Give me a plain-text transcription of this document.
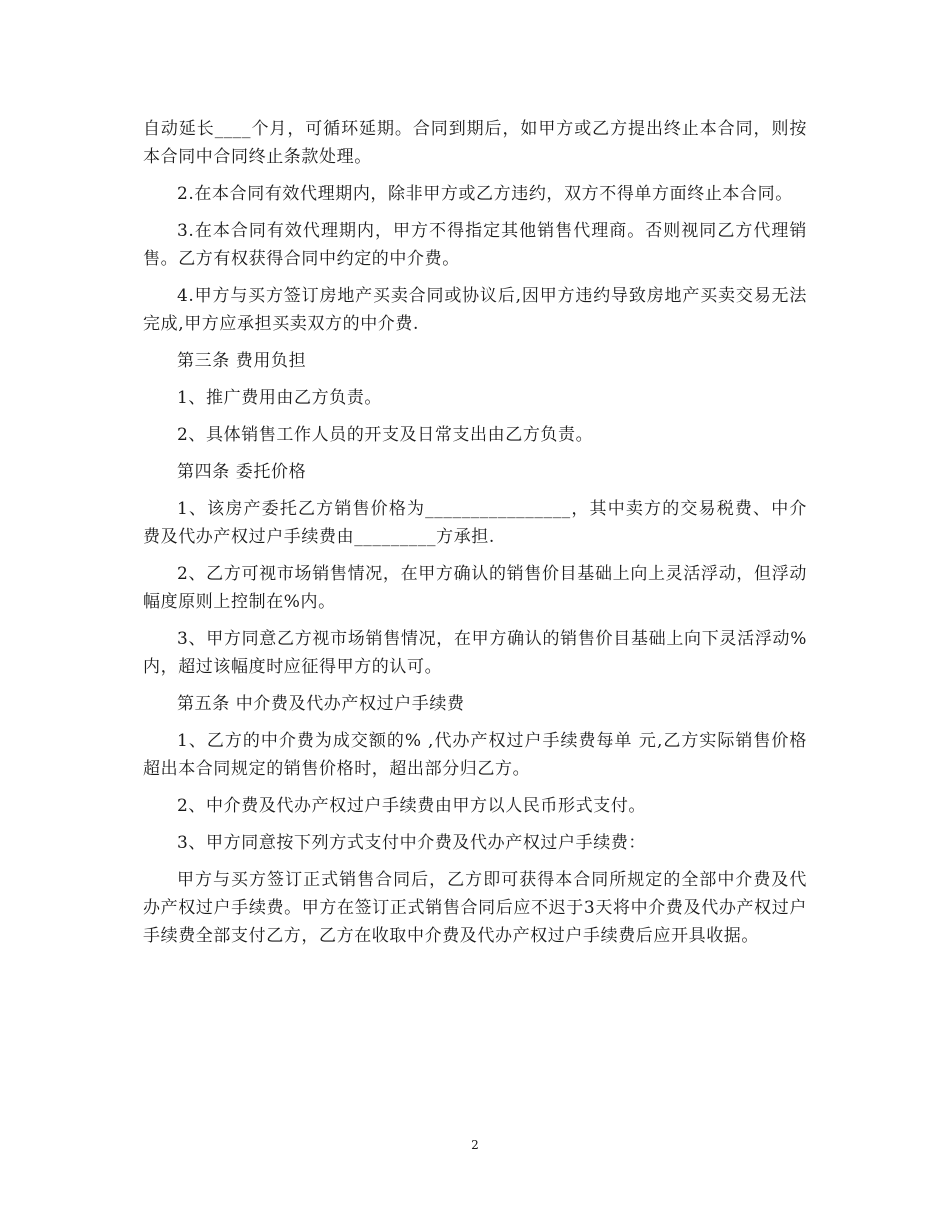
自动延长____个月，可循环延期。合同到期后，如甲方或乙方提出终止本合同，则按本合同中合同终止条款处理。

2.在本合同有效代理期内，除非甲方或乙方违约，双方不得单方面终止本合同。

3.在本合同有效代理期内，甲方不得指定其他销售代理商。否则视同乙方代理销售。乙方有权获得合同中约定的中介费。

4.甲方与买方签订房地产买卖合同或协议后,因甲方违约导致房地产买卖交易无法完成,甲方应承担买卖双方的中介费.

第三条 费用负担

1、推广费用由乙方负责。

2、具体销售工作人员的开支及日常支出由乙方负责。

第四条 委托价格

1、该房产委托乙方销售价格为________________，其中卖方的交易税费、中介费及代办产权过户手续费由_________方承担.

2、乙方可视市场销售情况，在甲方确认的销售价目基础上向上灵活浮动，但浮动幅度原则上控制在%内。

3、甲方同意乙方视市场销售情况，在甲方确认的销售价目基础上向下灵活浮动%内，超过该幅度时应征得甲方的认可。

第五条 中介费及代办产权过户手续费

1、乙方的中介费为成交额的% ,代办产权过户手续费每单 元,乙方实际销售价格超出本合同规定的销售价格时，超出部分归乙方。

2、中介费及代办产权过户手续费由甲方以人民币形式支付。

3、甲方同意按下列方式支付中介费及代办产权过户手续费：

甲方与买方签订正式销售合同后，乙方即可获得本合同所规定的全部中介费及代办产权过户手续费。甲方在签订正式销售合同后应不迟于3天将中介费及代办产权过户手续费全部支付乙方，乙方在收取中介费及代办产权过户手续费后应开具收据。

2
